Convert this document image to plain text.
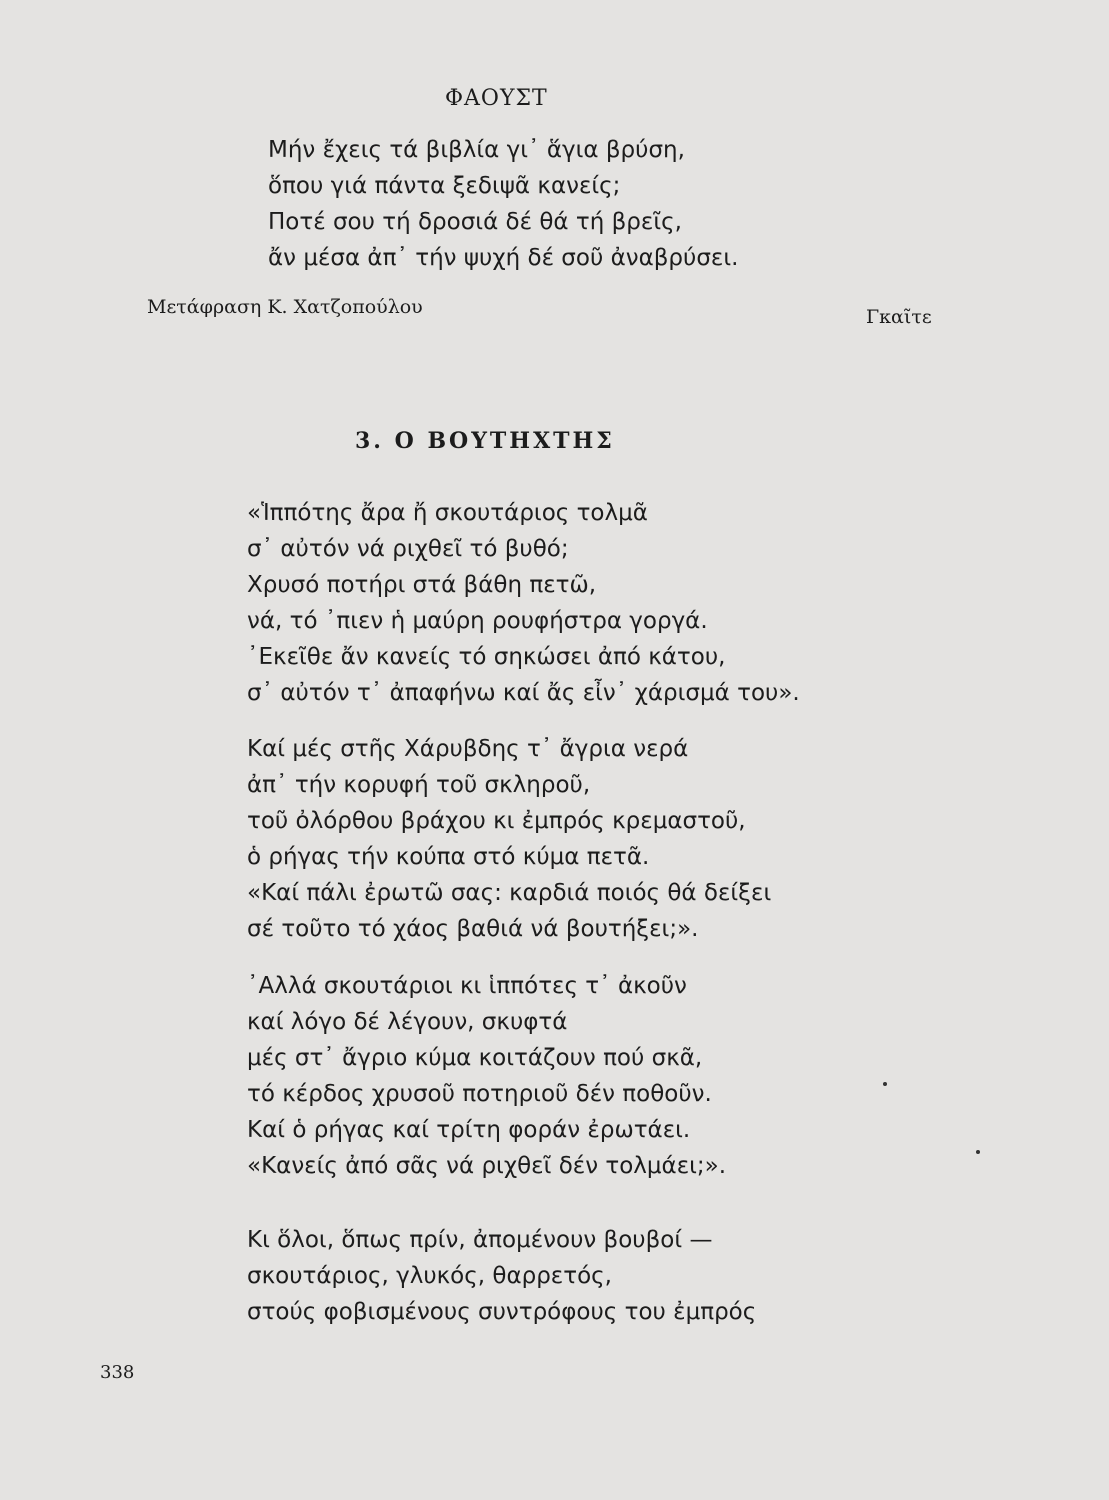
ΦΑΟΥΣΤ
Μήν ἔχεις τά βιβλία γι᾽ ἅγια βρύση,
ὅπου γιά πάντα ξεδιψᾶ κανείς;
Ποτέ σου τή δροσιά δέ θά τή βρεῖς,
ἄν μέσα ἀπ᾽ τήν ψυχή δέ σοῦ ἀναβρύσει.
Μετάφραση Κ. Χατζοπούλου	Γκαῖτε
3. Ο ΒΟΥΤΗΧΤΗΣ
«Ἱππότης ἄρα ἤ σκουτάριος τολμᾶ
σ᾽ αὐτόν νά ριχθεῖ τό βυθό;
Χρυσό ποτήρι στά βάθη πετῶ,
νά, τό ᾽πιεν ἡ μαύρη ρουφήστρα γοργά.
᾽Εκεῖθε ἄν κανείς τό σηκώσει ἀπό κάτου,
σ᾽ αὐτόν τ᾽ ἀπαφήνω καί ἄς εἶν᾽ χάρισμά του».
Καί μές στῆς Χάρυβδης τ᾽ ἄγρια νερά
ἀπ᾽ τήν κορυφή τοῦ σκληροῦ,
τοῦ ὀλόρθου βράχου κι ἐμπρός κρεμαστοῦ,
ὁ ρήγας τήν κούπα στό κύμα πετᾶ.
«Καί πάλι ἐρωτῶ σας: καρδιά ποιός θά δείξει
σέ τοῦτο τό χάος βαθιά νά βουτήξει;».
᾽Αλλά σκουτάριοι κι ἱππότες τ᾽ ἀκοῦν
καί λόγο δέ λέγουν, σκυφτά
μές στ᾽ ἄγριο κύμα κοιτάζουν πού σκᾶ,
τό κέρδος χρυσοῦ ποτηριοῦ δέν ποθοῦν.
Καί ὁ ρήγας καί τρίτη φοράν ἐρωτάει.
«Κανείς ἀπό σᾶς νά ριχθεῖ δέν τολμάει;».
Κι ὅλοι, ὅπως πρίν, ἀπομένουν βουβοί —
σκουτάριος, γλυκός, θαρρετός,
στούς φοβισμένους συντρόφους του ἐμπρός
338
